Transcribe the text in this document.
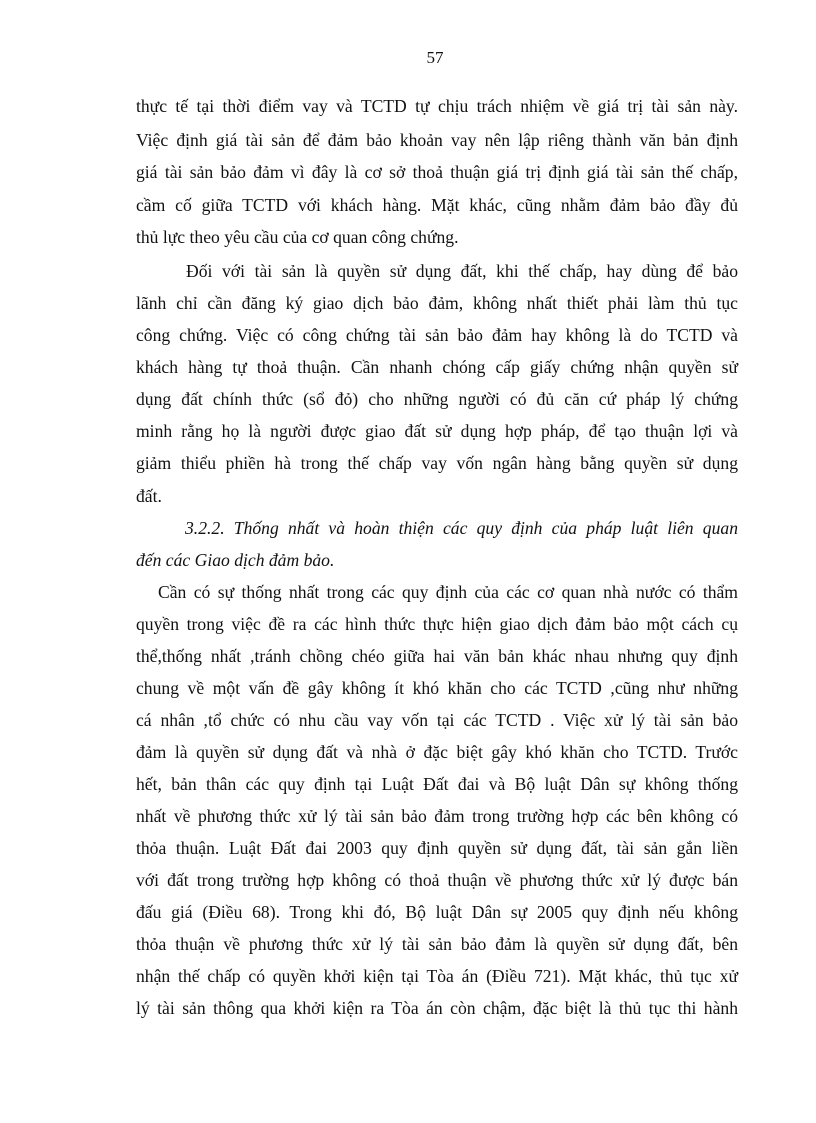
57
thực tế tại thời điểm vay và TCTD tự chịu trách nhiệm về giá trị tài sản này.
Việc định giá tài sản để đảm bảo khoản vay nên lập riêng thành văn bản định
giá tài sản bảo đảm vì đây là cơ sở thoả thuận giá trị định giá tài sản thế chấp,
cầm cố giữa TCTD với khách hàng. Mặt khác, cũng nhằm đảm bảo đầy đủ
thủ lực theo yêu cầu của cơ quan công chứng.
Đối với tài sản là quyền sử dụng đất, khi thế chấp, hay dùng để bảo
lãnh chỉ cần đăng ký giao dịch bảo đảm, không nhất thiết phải làm thủ tục
công chứng. Việc có công chứng tài sản bảo đảm hay không là do TCTD và
khách hàng tự thoả thuận. Cần nhanh chóng cấp giấy chứng nhận quyền sử
dụng đất chính thức (sổ đỏ) cho những người có đủ căn cứ pháp lý chứng
minh rằng họ là người được giao đất sử dụng hợp pháp, để tạo thuận lợi và
giảm thiểu phiền hà trong thế chấp vay vốn ngân hàng bằng quyền sử dụng
đất.
3.2.2. Thống nhất và hoàn thiện các quy định của pháp luật liên quan
đến các Giao dịch đảm bảo.
Cần có sự thống nhất trong các quy định của các cơ quan nhà nước có thẩm
quyền trong việc đề ra các hình thức thực hiện giao dịch đảm bảo một cách cụ
thể,thống nhất ,tránh chồng chéo giữa hai văn bản khác nhau nhưng quy định
chung về một vấn đề gây không ít khó khăn cho các TCTD ,cũng như những
cá nhân ,tổ chức có nhu cầu vay vốn tại các TCTD . Việc xử lý tài sản bảo
đảm là quyền sử dụng đất và nhà ở đặc biệt gây khó khăn cho TCTD. Trước
hết, bản thân các quy định tại Luật Đất đai và Bộ luật Dân sự không thống
nhất về phương thức xử lý tài sản bảo đảm trong trường hợp các bên không có
thỏa thuận. Luật Đất đai 2003 quy định quyền sử dụng đất, tài sản gắn liền
với đất trong trường hợp không có thoả thuận về phương thức xử lý được bán
đấu giá (Điều 68). Trong khi đó, Bộ luật Dân sự 2005 quy định nếu không
thỏa thuận về phương thức xử lý tài sản bảo đảm là quyền sử dụng đất, bên
nhận thế chấp có quyền khởi kiện tại Tòa án (Điều 721). Mặt khác, thủ tục xử
lý tài sản thông qua khởi kiện ra Tòa án còn chậm, đặc biệt là thủ tục thi hành
